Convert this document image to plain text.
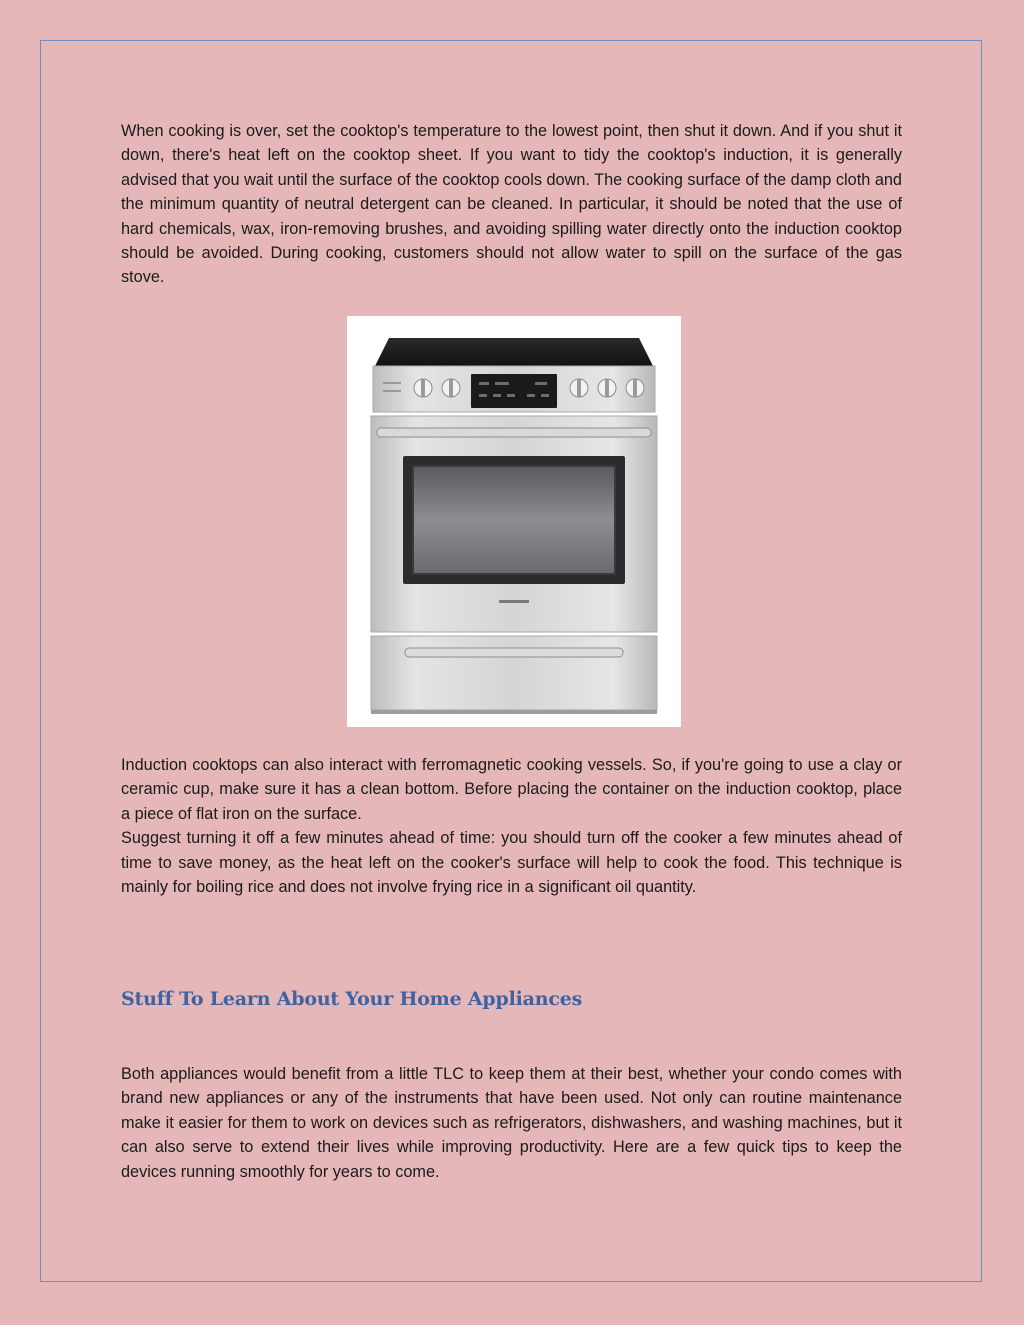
When cooking is over, set the cooktop's temperature to the lowest point, then shut it down. And if you shut it down, there's heat left on the cooktop sheet. If you want to tidy the cooktop's induction, it is generally advised that you wait until the surface of the cooktop cools down. The cooking surface of the damp cloth and the minimum quantity of neutral detergent can be cleaned. In particular, it should be noted that the use of hard chemicals, wax, iron-removing brushes, and avoiding spilling water directly onto the induction cooktop should be avoided. During cooking, customers should not allow water to spill on the surface of the gas stove.

Induction cooktops can also interact with ferromagnetic cooking vessels. So, if you're going to use a clay or ceramic cup, make sure it has a clean bottom. Before placing the container on the induction cooktop, place a piece of flat iron on the surface.

Suggest turning it off a few minutes ahead of time: you should turn off the cooker a few minutes ahead of time to save money, as the heat left on the cooker's surface will help to cook the food. This technique is mainly for boiling rice and does not involve frying rice in a significant oil quantity.

Stuff To Learn About Your Home Appliances

Both appliances would benefit from a little TLC to keep them at their best, whether your condo comes with brand new appliances or any of the instruments that have been used. Not only can routine maintenance make it easier for them to work on devices such as refrigerators, dishwashers, and washing machines, but it can also serve to extend their lives while improving productivity. Here are a few quick tips to keep the devices running smoothly for years to come.
